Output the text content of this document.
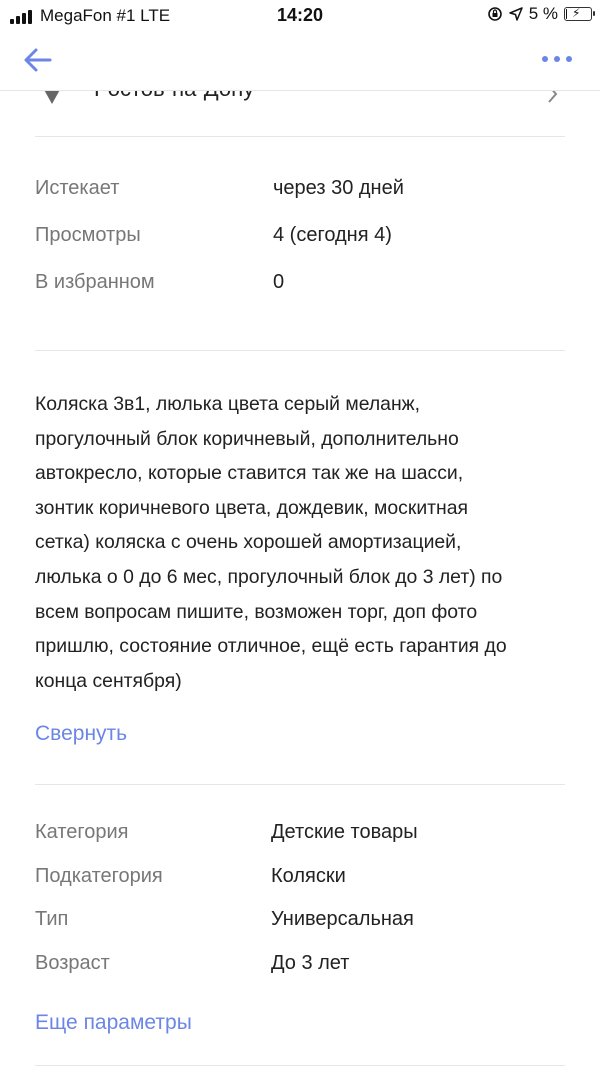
MegaFon #1 LTE	14:20	5 % ⚡
Истекает	через 30 дней
Просмотры	4 (сегодня 4)
В избранном	0
Коляска 3в1, люлька цвета серый меланж,
прогулочный блок коричневый, дополнительно
автокресло, которые ставится так же на шасси,
зонтик коричневого цвета, дождевик, москитная
сетка) коляска с очень хорошей амортизацией,
люлька о 0 до 6 мес, прогулочный блок до 3 лет) по
всем вопросам пишите, возможен торг, доп фото
пришлю, состояние отличное, ещё есть гарантия до
конца сентября)
Свернуть
Категория	Детские товары
Подкатегория	Коляски
Тип	Универсальная
Возраст	До 3 лет
Еще параметры
